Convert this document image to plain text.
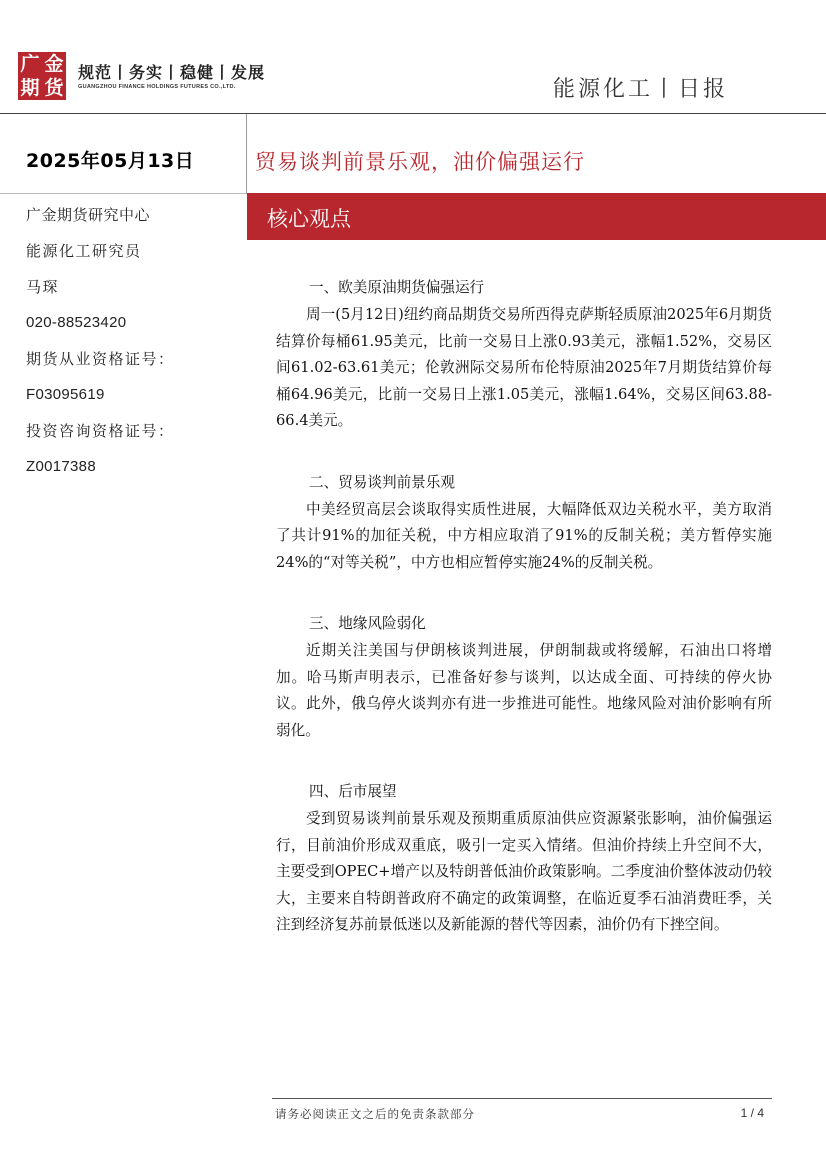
广 金
期 货
规范丨务实丨稳健丨发展
GUANGZHOU FINANCE HOLDINGS FUTURES CO.,LTD.	能源化工丨日报
2025年05月13日	贸易谈判前景乐观，油价偏强运行
核心观点
广金期货研究中心
能源化工研究员
马琛
020-88523420
期货从业资格证号：
F03095619
投资咨询资格证号：
Z0017388
一、欧美原油期货偏强运行

周一(5月12日)纽约商品期货交易所西得克萨斯轻质原油2025年6月期货结算价每桶61.95美元，比前一交易日上涨0.93美元，涨幅1.52%，交易区间61.02-63.61美元；伦敦洲际交易所布伦特原油2025年7月期货结算价每桶64.96美元，比前一交易日上涨1.05美元，涨幅1.64%，交易区间63.88-66.4美元。

二、贸易谈判前景乐观

中美经贸高层会谈取得实质性进展，大幅降低双边关税水平，美方取消了共计91%的加征关税，中方相应取消了91%的反制关税；美方暂停实施24%的“对等关税”，中方也相应暂停实施24%的反制关税。

三、地缘风险弱化

近期关注美国与伊朗核谈判进展，伊朗制裁或将缓解，石油出口将增加。哈马斯声明表示，已准备好参与谈判，以达成全面、可持续的停火协议。此外，俄乌停火谈判亦有进一步推进可能性。地缘风险对油价影响有所弱化。

四、后市展望

受到贸易谈判前景乐观及预期重质原油供应资源紧张影响，油价偏强运行，目前油价形成双重底，吸引一定买入情绪。但油价持续上升空间不大，主要受到OPEC+增产以及特朗普低油价政策影响。二季度油价整体波动仍较大，主要来自特朗普政府不确定的政策调整，在临近夏季石油消费旺季，关注到经济复苏前景低迷以及新能源的替代等因素，油价仍有下挫空间。

请务必阅读正文之后的免责条款部分	1 / 4
